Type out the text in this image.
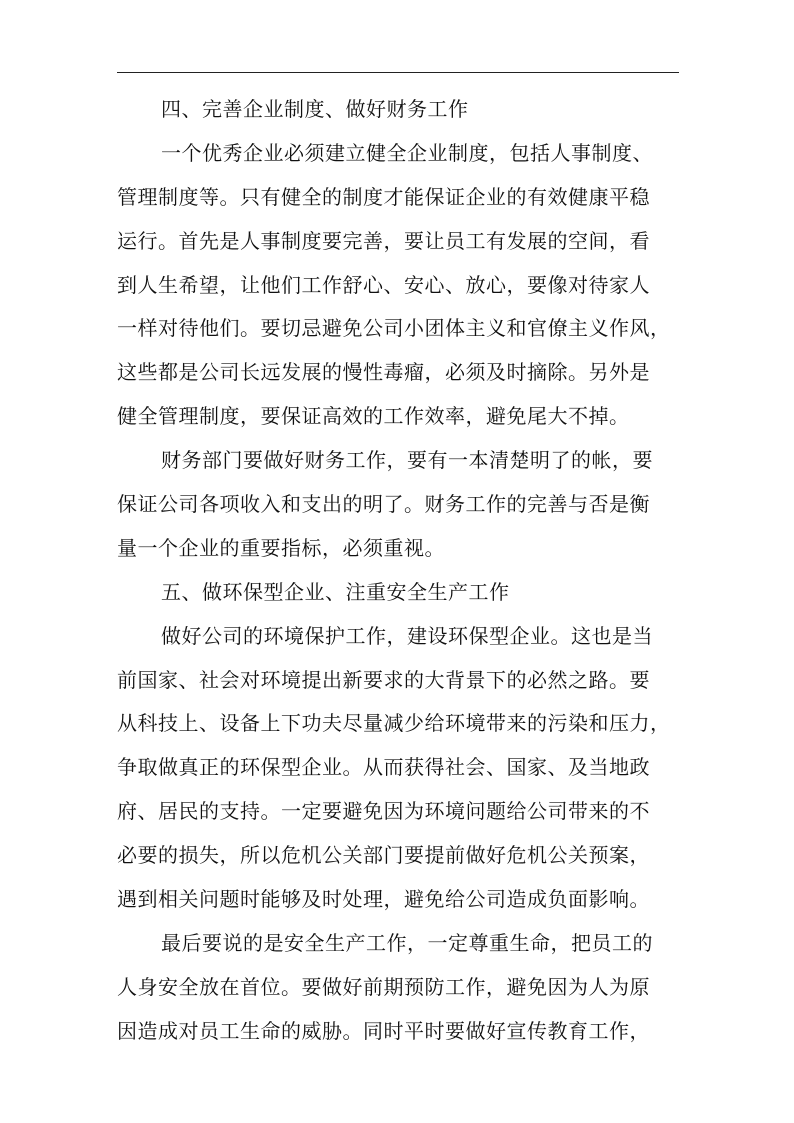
四、完善企业制度、做好财务工作
一个优秀企业必须建立健全企业制度，包括人事制度、
管理制度等。只有健全的制度才能保证企业的有效健康平稳
运行。首先是人事制度要完善，要让员工有发展的空间，看
到人生希望，让他们工作舒心、安心、放心，要像对待家人
一样对待他们。要切忌避免公司小团体主义和官僚主义作风，
这些都是公司长远发展的慢性毒瘤，必须及时摘除。另外是
健全管理制度，要保证高效的工作效率，避免尾大不掉。
财务部门要做好财务工作，要有一本清楚明了的帐，要
保证公司各项收入和支出的明了。财务工作的完善与否是衡
量一个企业的重要指标，必须重视。
五、做环保型企业、注重安全生产工作
做好公司的环境保护工作，建设环保型企业。这也是当
前国家、社会对环境提出新要求的大背景下的必然之路。要
从科技上、设备上下功夫尽量减少给环境带来的污染和压力，
争取做真正的环保型企业。从而获得社会、国家、及当地政
府、居民的支持。一定要避免因为环境问题给公司带来的不
必要的损失，所以危机公关部门要提前做好危机公关预案，
遇到相关问题时能够及时处理，避免给公司造成负面影响。
最后要说的是安全生产工作，一定尊重生命，把员工的
人身安全放在首位。要做好前期预防工作，避免因为人为原
因造成对员工生命的威胁。同时平时要做好宣传教育工作，
